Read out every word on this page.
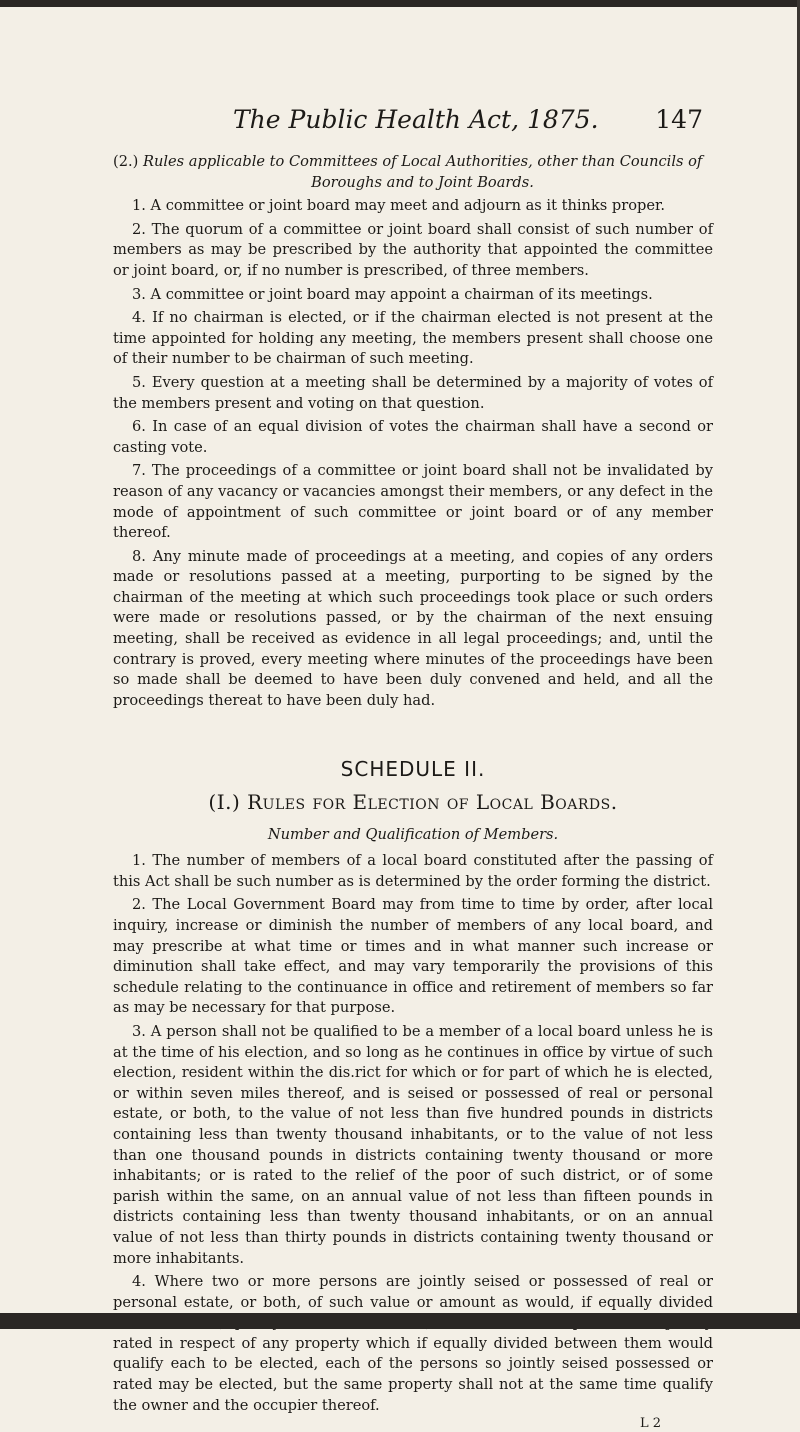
The Public Health Act, 1875. 147

(2.) Rules applicable to Committees of Local Authorities, other than Councils of

Boroughs and to Joint Boards.

1. A committee or joint board may meet and adjourn as it thinks proper.

2. The quorum of a committee or joint board shall consist of such number of members as may be prescribed by the authority that appointed the committee or joint board, or, if no number is prescribed, of three members.

3. A committee or joint board may appoint a chairman of its meetings.

4. If no chairman is elected, or if the chairman elected is not present at the time appointed for holding any meeting, the members present shall choose one of their number to be chairman of such meeting.

5. Every question at a meeting shall be determined by a majority of votes of the members present and voting on that question.

6. In case of an equal division of votes the chairman shall have a second or casting vote.

7. The proceedings of a committee or joint board shall not be invalidated by reason of any vacancy or vacancies amongst their members, or any defect in the mode of appointment of such committee or joint board or of any member thereof.

8. Any minute made of proceedings at a meeting, and copies of any orders made or resolutions passed at a meeting, purporting to be signed by the chairman of the meeting at which such proceedings took place or such orders were made or resolutions passed, or by the chairman of the next ensuing meeting, shall be received as evidence in all legal proceedings; and, until the contrary is proved, every meeting where minutes of the proceedings have been so made shall be deemed to have been duly convened and held, and all the proceedings thereat to have been duly had.

SCHEDULE II.
(I.) Rules for Election of Local Boards.
Number and Qualification of Members.

1. The number of members of a local board constituted after the passing of this Act shall be such number as is determined by the order forming the district.

2. The Local Government Board may from time to time by order, after local inquiry, increase or diminish the number of members of any local board, and may prescribe at what time or times and in what manner such increase or diminution shall take effect, and may vary temporarily the provisions of this schedule relating to the continuance in office and retirement of members so far as may be necessary for that purpose.

3. A person shall not be qualified to be a member of a local board unless he is at the time of his election, and so long as he continues in office by virtue of such election, resident within the dis.rict for which or for part of which he is elected, or within seven miles thereof, and is seised or possessed of real or personal estate, or both, to the value of not less than five hundred pounds in districts containing less than twenty thousand inhabitants, or to the value of not less than one thousand pounds in districts containing twenty thousand or more inhabitants; or is rated to the relief of the poor of such district, or of some parish within the same, on an annual value of not less than fifteen pounds in districts containing less than twenty thousand inhabitants, or on an annual value of not less than thirty pounds in districts containing twenty thousand or more inhabitants.

4. Where two or more persons are jointly seised or possessed of real or personal estate, or both, of such value or amount as would, if equally divided rated in respect of any property which if equally divided between them would qualify each to be elected, each of the persons so jointly seised possessed or rated may be elected, but the same property shall not at the same time qualify the owner and the occupier thereof.

L 2
